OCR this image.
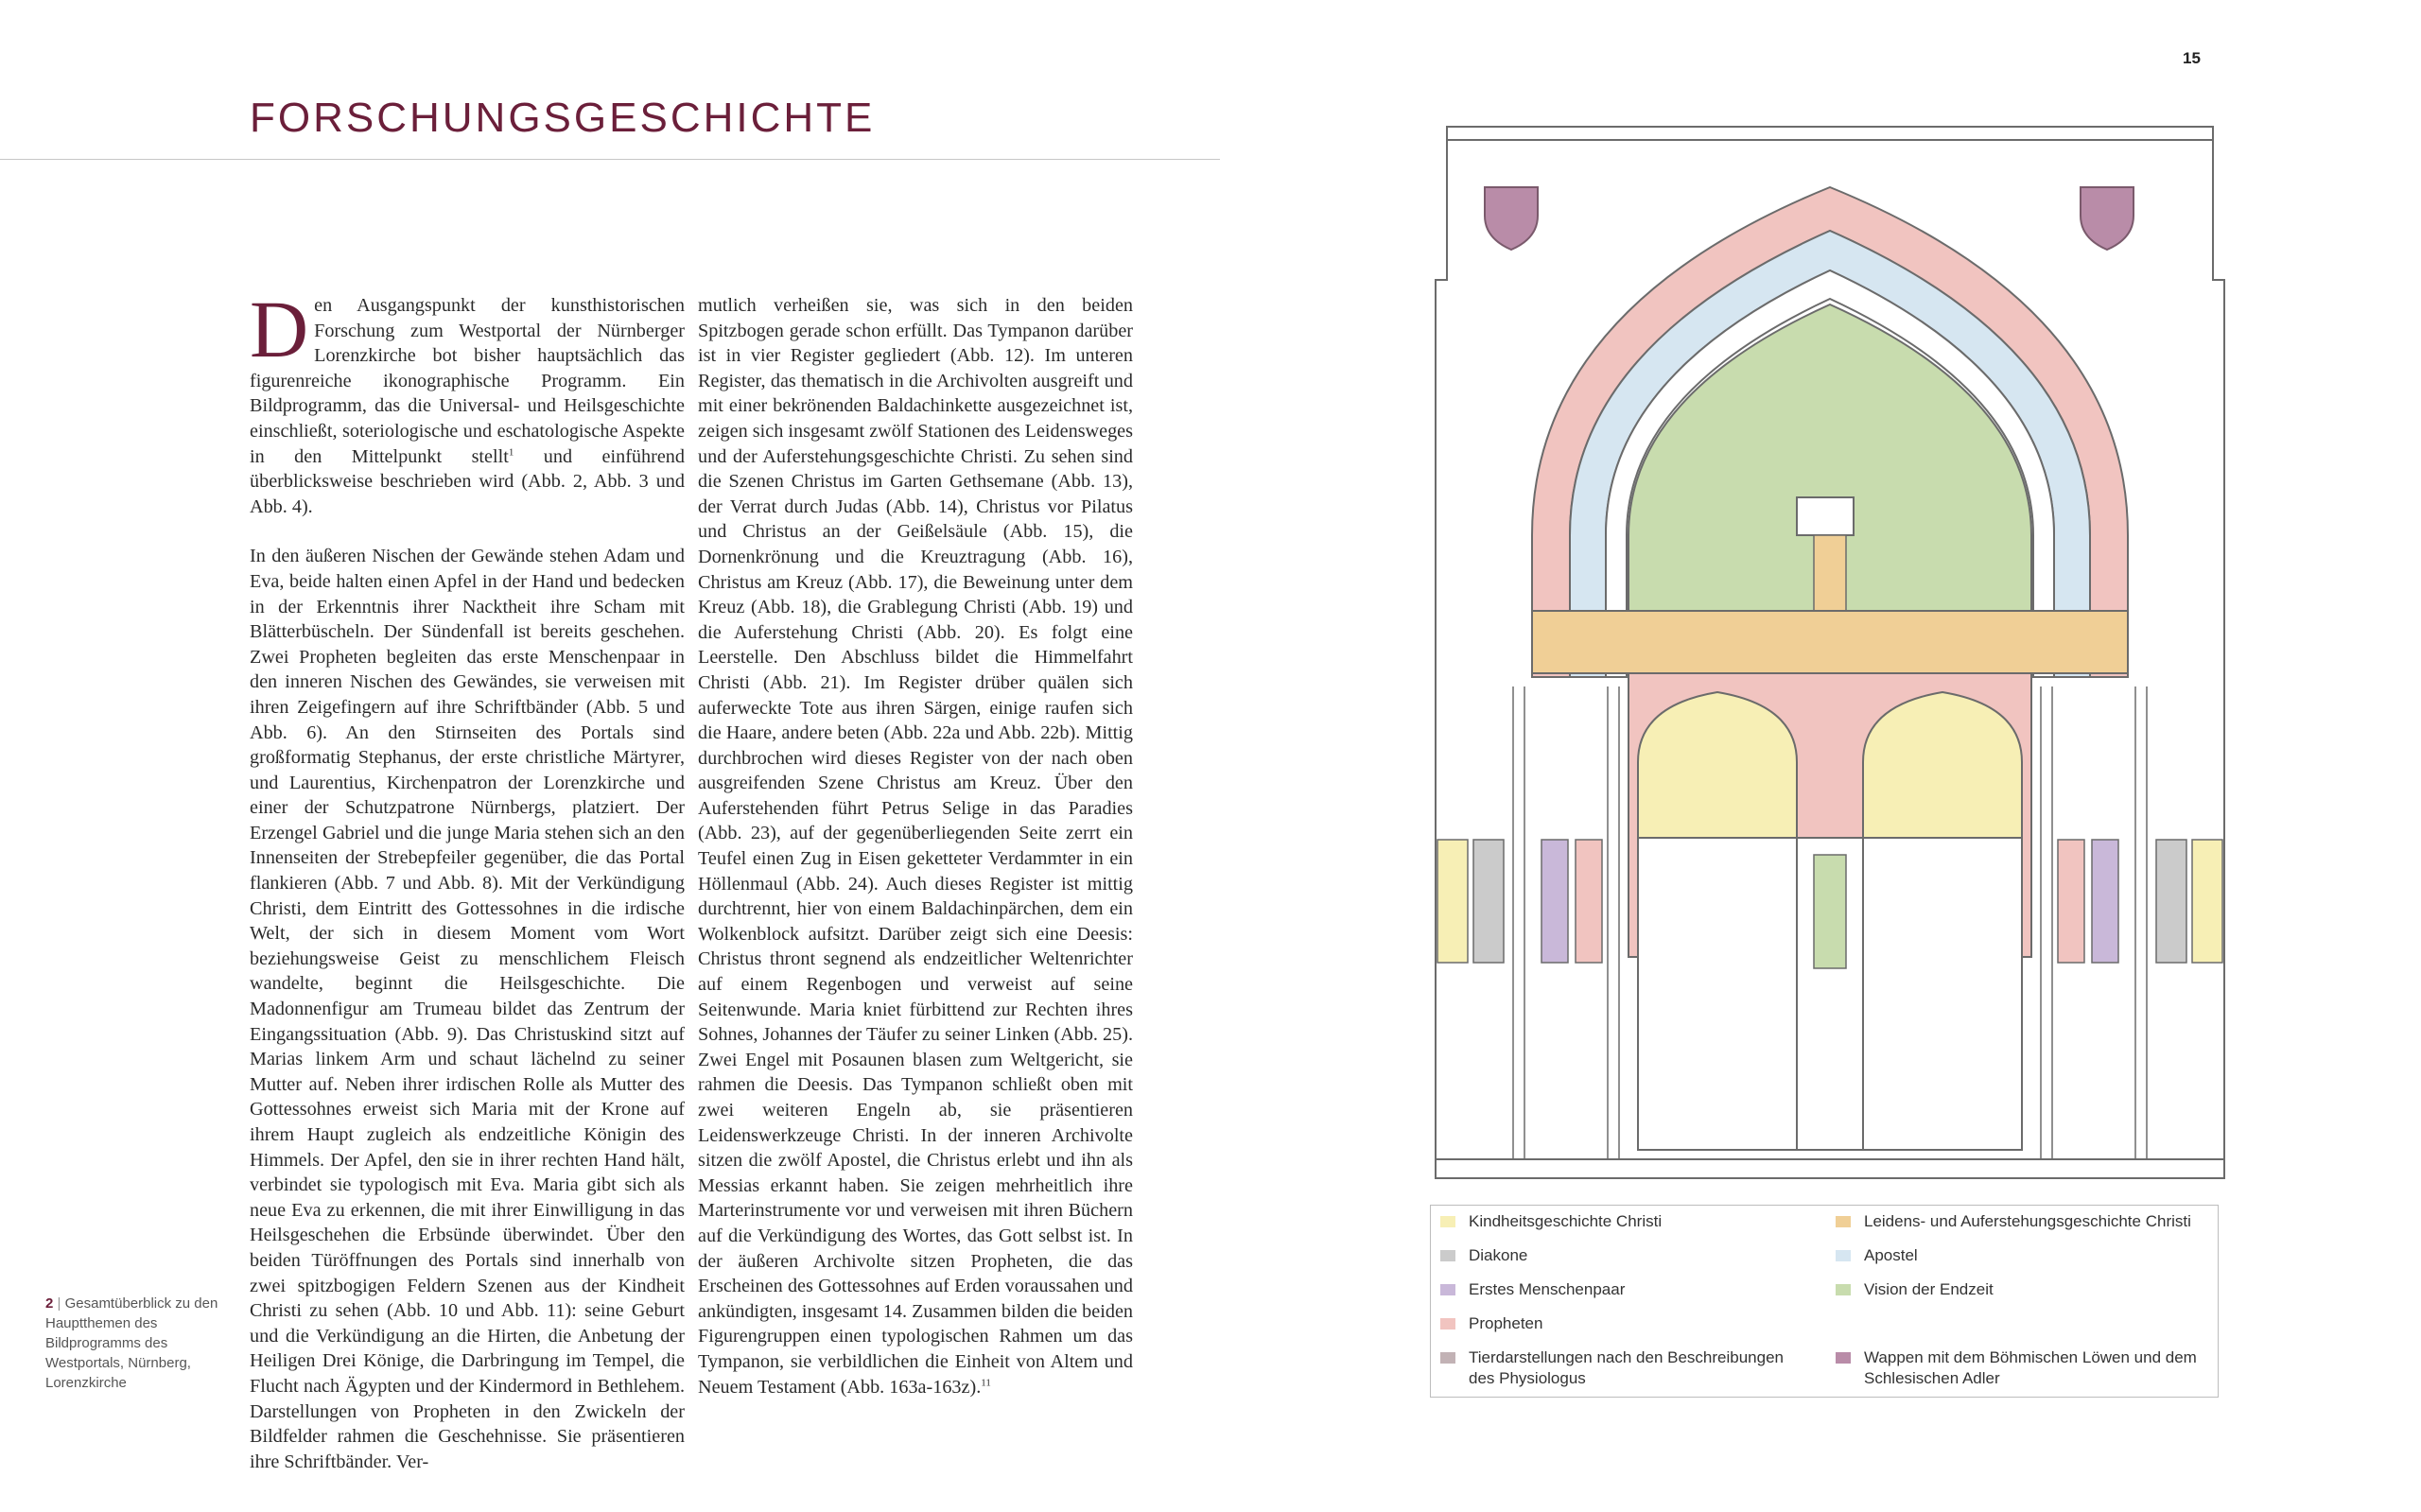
15
FORSCHUNGSGESCHICHTE

Den Ausgangspunkt der kunsthistorischen Forschung zum Westportal der Nürnberger Lorenzkirche bot bisher hauptsächlich das figurenreiche ikonographische Programm. Ein Bildprogramm, das die Universal- und Heilsgeschichte einschließt, soteriologische und eschatologische Aspekte in den Mittelpunkt stellt$^1$ und einführend überblicksweise beschrieben wird (Abb. 2, Abb. 3 und Abb. 4).

In den äußeren Nischen der Gewände stehen Adam und Eva, beide halten einen Apfel in der Hand und bedecken in der Erkenntnis ihrer Nacktheit ihre Scham mit Blätterbüscheln. Der Sündenfall ist bereits geschehen. Zwei Propheten begleiten das erste Menschenpaar in den inneren Nischen des Gewändes, sie verweisen mit ihren Zeigefingern auf ihre Schriftbänder (Abb. 5 und Abb. 6). An den Stirnseiten des Portals sind großformatig Stephanus, der erste christliche Märtyrer, und Laurentius, Kirchenpatron der Lorenzkirche und einer der Schutzpatrone Nürnbergs, platziert. Der Erzengel Gabriel und die junge Maria stehen sich an den Innenseiten der Strebepfeiler gegenüber, die das Portal flankieren (Abb. 7 und Abb. 8). Mit der Verkündigung Christi, dem Eintritt des Gottessohnes in die irdische Welt, der sich in diesem Moment vom Wort beziehungsweise Geist zu menschlichem Fleisch wandelte, beginnt die Heilsgeschichte. Die Madonnenfigur am Trumeau bildet das Zentrum der Eingangssituation (Abb. 9). Das Christuskind sitzt auf Marias linkem Arm und schaut lächelnd zu seiner Mutter auf. Neben ihrer irdischen Rolle als Mutter des Gottessohnes erweist sich Maria mit der Krone auf ihrem Haupt zugleich als endzeitliche Königin des Himmels. Der Apfel, den sie in ihrer rechten Hand hält, verbindet sie typologisch mit Eva. Maria gibt sich als neue Eva zu erkennen, die mit ihrer Einwilligung in das Heilsgeschehen die Erbsünde überwindet. Über den beiden Türöffnungen des Portals sind innerhalb von zwei spitzbogigen Feldern Szenen aus der Kindheit Christi zu sehen (Abb. 10 und Abb. 11): seine Geburt und die Verkündigung an die Hirten, die Anbetung der Heiligen Drei Könige, die Darbringung im Tempel, die Flucht nach Ägypten und der Kindermord in Bethlehem. Darstellungen von Propheten in den Zwickeln der Bildfelder rahmen die Geschehnisse. Sie präsentieren ihre Schriftbänder. Ver-

mutlich verheißen sie, was sich in den beiden Spitzbogen gerade schon erfüllt. Das Tympanon darüber ist in vier Register gegliedert (Abb. 12). Im unteren Register, das thematisch in die Archivolten ausgreift und mit einer bekrönenden Baldachinkette ausgezeichnet ist, zeigen sich insgesamt zwölf Stationen des Leidensweges und der Auferstehungsgeschichte Christi. Zu sehen sind die Szenen Christus im Garten Gethsemane (Abb. 13), der Verrat durch Judas (Abb. 14), Christus vor Pilatus und Christus an der Geißelsäule (Abb. 15), die Dornenkrönung und die Kreuztragung (Abb. 16), Christus am Kreuz (Abb. 17), die Beweinung unter dem Kreuz (Abb. 18), die Grablegung Christi (Abb. 19) und die Auferstehung Christi (Abb. 20). Es folgt eine Leerstelle. Den Abschluss bildet die Himmelfahrt Christi (Abb. 21). Im Register drüber quälen sich auferweckte Tote aus ihren Särgen, einige raufen sich die Haare, andere beten (Abb. 22a und Abb. 22b). Mittig durchbrochen wird dieses Register von der nach oben ausgreifenden Szene Christus am Kreuz. Über den Auferstehenden führt Petrus Selige in das Paradies (Abb. 23), auf der gegenüberliegenden Seite zerrt ein Teufel einen Zug in Eisen geketteter Verdammter in ein Höllenmaul (Abb. 24). Auch dieses Register ist mittig durchtrennt, hier von einem Baldachinpärchen, dem ein Wolkenblock aufsitzt. Darüber zeigt sich eine Deesis: Christus thront segnend als endzeitlicher Weltenrichter auf einem Regenbogen und verweist auf seine Seitenwunde. Maria kniet fürbittend zur Rechten ihres Sohnes, Johannes der Täufer zu seiner Linken (Abb. 25). Zwei Engel mit Posaunen blasen zum Weltgericht, sie rahmen die Deesis. Das Tympanon schließt oben mit zwei weiteren Engeln ab, sie präsentieren Leidenswerkzeuge Christi. In der inneren Archivolte sitzen die zwölf Apostel, die Christus erlebt und ihn als Messias erkannt haben. Sie zeigen mehrheitlich ihre Marterinstrumente vor und verweisen mit ihren Büchern auf die Verkündigung des Wortes, das Gott selbst ist. In der äußeren Archivolte sitzen Propheten, die das Erscheinen des Gottessohnes auf Erden voraussahen und ankündigten, insgesamt 14. Zusammen bilden die beiden Figurengruppen einen typologischen Rahmen um das Tympanon, sie verbildlichen die Einheit von Altem und Neuem Testament (Abb. 163a-163z).$^{11}$

2 | Gesamtüberblick zu den Hauptthemen des Bildprogramms des Westportals, Nürnberg, Lorenzkirche
Kindheitsgeschichte Christi
Diakone
Erstes Menschenpaar
Propheten
Tierdarstellungen nach den Beschreibungen des Physiologus
Leidens- und Auferstehungsgeschichte Christi
Apostel
Vision der Endzeit
Wappen mit dem Böhmischen Löwen und dem Schlesischen Adler
